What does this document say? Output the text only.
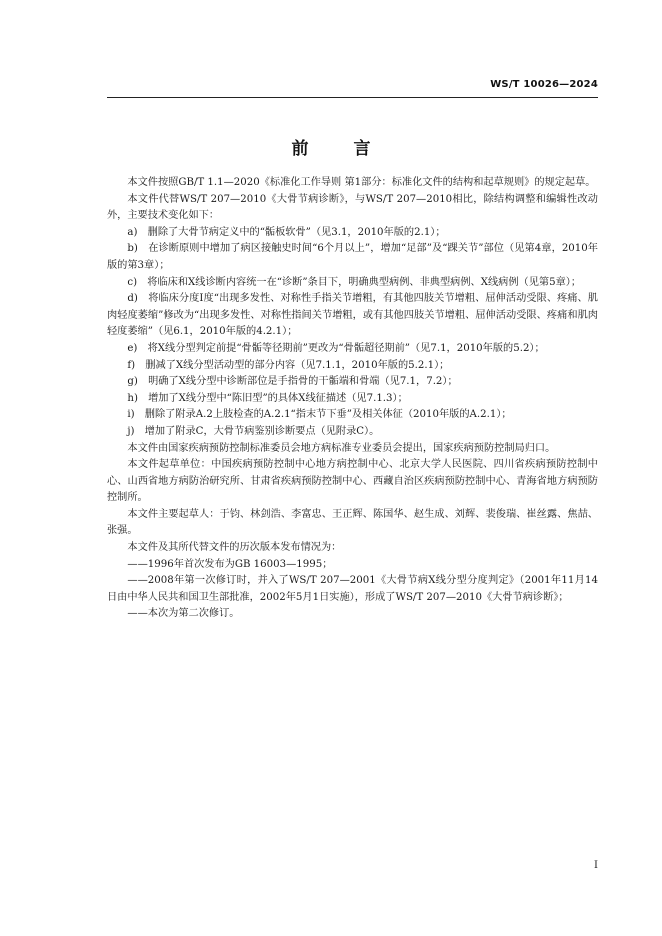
WS/T 10026—2024
前　言

本文件按照GB/T 1.1—2020《标准化工作导则 第1部分：标准化文件的结构和起草规则》的规定起草。

本文件代替WS/T 207—2010《大骨节病诊断》，与WS/T 207—2010相比，除结构调整和编辑性改动外，主要技术变化如下：

a)　删除了大骨节病定义中的“骺板软骨”（见3.1，2010年版的2.1）；

b)　在诊断原则中增加了病区接触史时间“6个月以上”，增加“足部”及“踝关节”部位（见第4章，2010年版的第3章）；

c)　将临床和X线诊断内容统一在“诊断”条目下，明确典型病例、非典型病例、X线病例（见第5章）；

d)　将临床分度Ⅰ度“出现多发性、对称性手指关节增粗，有其他四肢关节增粗、屈伸活动受限、疼痛、肌肉轻度萎缩”修改为“出现多发性、对称性指间关节增粗，或有其他四肢关节增粗、屈伸活动受限、疼痛和肌肉轻度萎缩”（见6.1，2010年版的4.2.1）；

e)　将X线分型判定前提“骨骺等径期前”更改为“骨骺超径期前”（见7.1，2010年版的5.2）；

f)　删减了X线分型活动型的部分内容（见7.1.1，2010年版的5.2.1）；

g)　明确了X线分型中诊断部位是手指骨的干骺端和骨端（见7.1，7.2）；

h)　增加了X线分型中“陈旧型”的具体X线征描述（见7.1.3）；

i)　删除了附录A.2上肢检查的A.2.1“指末节下垂”及相关体征（2010年版的A.2.1）；

j)　增加了附录C，大骨节病鉴别诊断要点（见附录C）。

本文件由国家疾病预防控制标准委员会地方病标准专业委员会提出，国家疾病预防控制局归口。

本文件起草单位：中国疾病预防控制中心地方病控制中心、北京大学人民医院、四川省疾病预防控制中心、山西省地方病防治研究所、甘肃省疾病预防控制中心、西藏自治区疾病预防控制中心、青海省地方病预防控制所。

本文件主要起草人：于钧、林剑浩、李富忠、王正辉、陈国华、赵生成、刘辉、裴俊瑞、崔丝露、焦喆、张强。

本文件及其所代替文件的历次版本发布情况为：

——1996年首次发布为GB 16003—1995；

——2008年第一次修订时，并入了WS/T 207—2001《大骨节病X线分型分度判定》（2001年11月14日由中华人民共和国卫生部批准，2002年5月1日实施），形成了WS/T 207—2010《大骨节病诊断》；

——本次为第二次修订。

I
